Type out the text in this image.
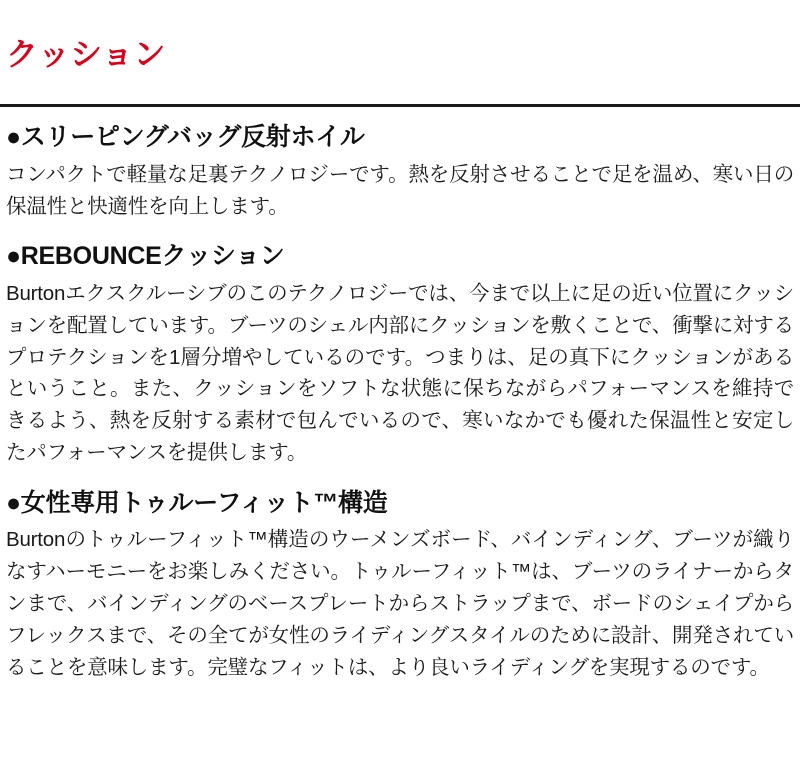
クッション
●スリーピングバッグ反射ホイル

コンパクトで軽量な足裏テクノロジーです。熱を反射させることで足を温め、寒い日の保温性と快適性を向上します。

●REBOUNCEクッション

Burtonエクスクルーシブのこのテクノロジーでは、今まで以上に足の近い位置にクッションを配置しています。ブーツのシェル内部にクッションを敷くことで、衝撃に対するプロテクションを1層分増やしているのです。つまりは、足の真下にクッションがあるということ。また、クッションをソフトな状態に保ちながらパフォーマンスを維持できるよう、熱を反射する素材で包んでいるので、寒いなかでも優れた保温性と安定したパフォーマンスを提供します。

●女性専用トゥルーフィット™構造

Burtonのトゥルーフィット™構造のウーメンズボード、バインディング、ブーツが織りなすハーモニーをお楽しみください。トゥルーフィット™は、ブーツのライナーからタンまで、バインディングのベースプレートからストラップまで、ボードのシェイプからフレックスまで、その全てが女性のライディングスタイルのために設計、開発されていることを意味します。完璧なフィットは、より良いライディングを実現するのです。
